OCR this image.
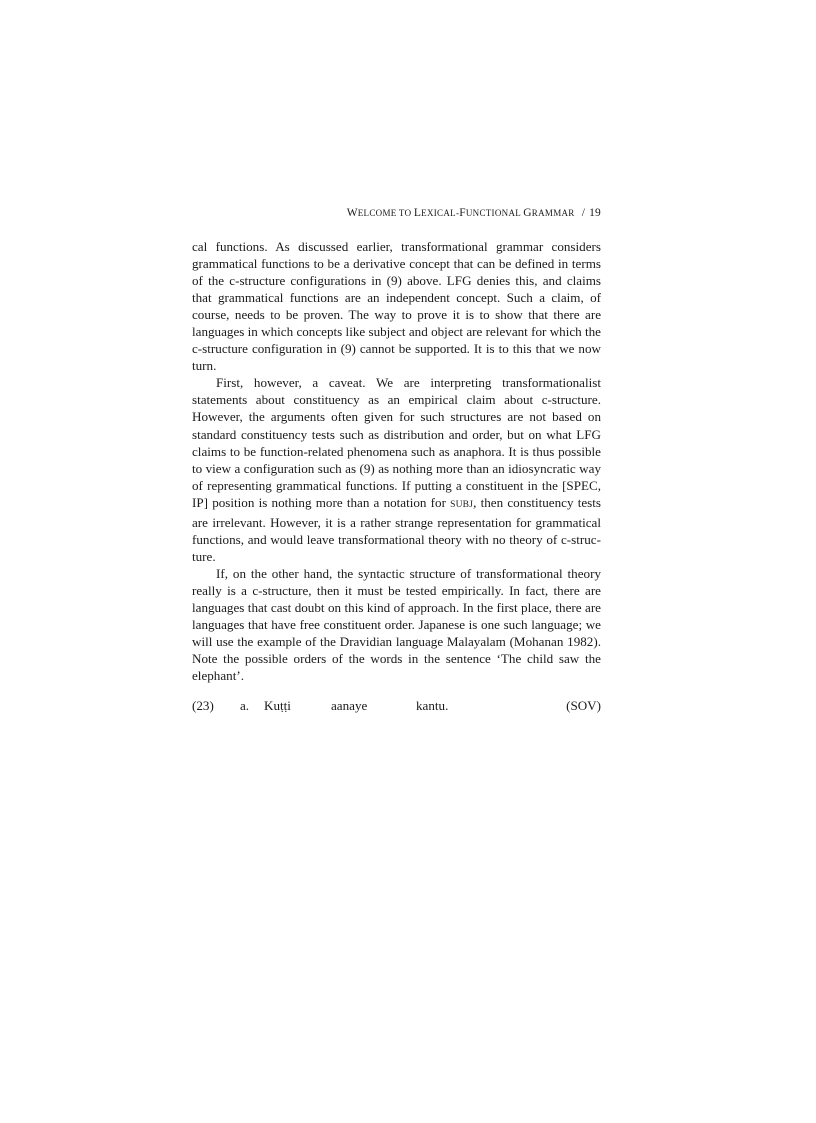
WELCOME TO LEXICAL-FUNCTIONAL GRAMMAR / 19

cal functions. As discussed earlier, transformational grammar considers grammatical functions to be a derivative concept that can be defined in terms of the c-structure configurations in (9) above. LFG denies this, and claims that grammatical functions are an independent concept. Such a claim, of course, needs to be proven. The way to prove it is to show that there are languages in which concepts like subject and object are relevant for which the c-structure configuration in (9) cannot be supported. It is to this that we now turn.

First, however, a caveat. We are interpreting transformationalist statements about constituency as an empirical claim about c-structure. However, the arguments often given for such structures are not based on standard constituency tests such as distribution and order, but on what LFG claims to be function-related phenomena such as anaphora. It is thus possible to view a configuration such as (9) as nothing more than an idiosyncratic way of representing grammatical functions. If putting a constituent in the [SPEC, IP] position is nothing more than a notation for SUBJ, then constituency tests are irrelevant. However, it is a rather strange representation for grammatical functions, and would leave transformational theory with no theory of c-structure.

If, on the other hand, the syntactic structure of transformational theory really is a c-structure, then it must be tested empirically. In fact, there are languages that cast doubt on this kind of approach. In the first place, there are languages that have free constituent order. Japanese is one such language; we will use the example of the Dravidian language Malayalam (Mohanan 1982). Note the possible orders of the words in the sentence ‘The child saw the elephant’.

(23) a. Kuṭṭi	aanaye	kantu.	(SOV)
